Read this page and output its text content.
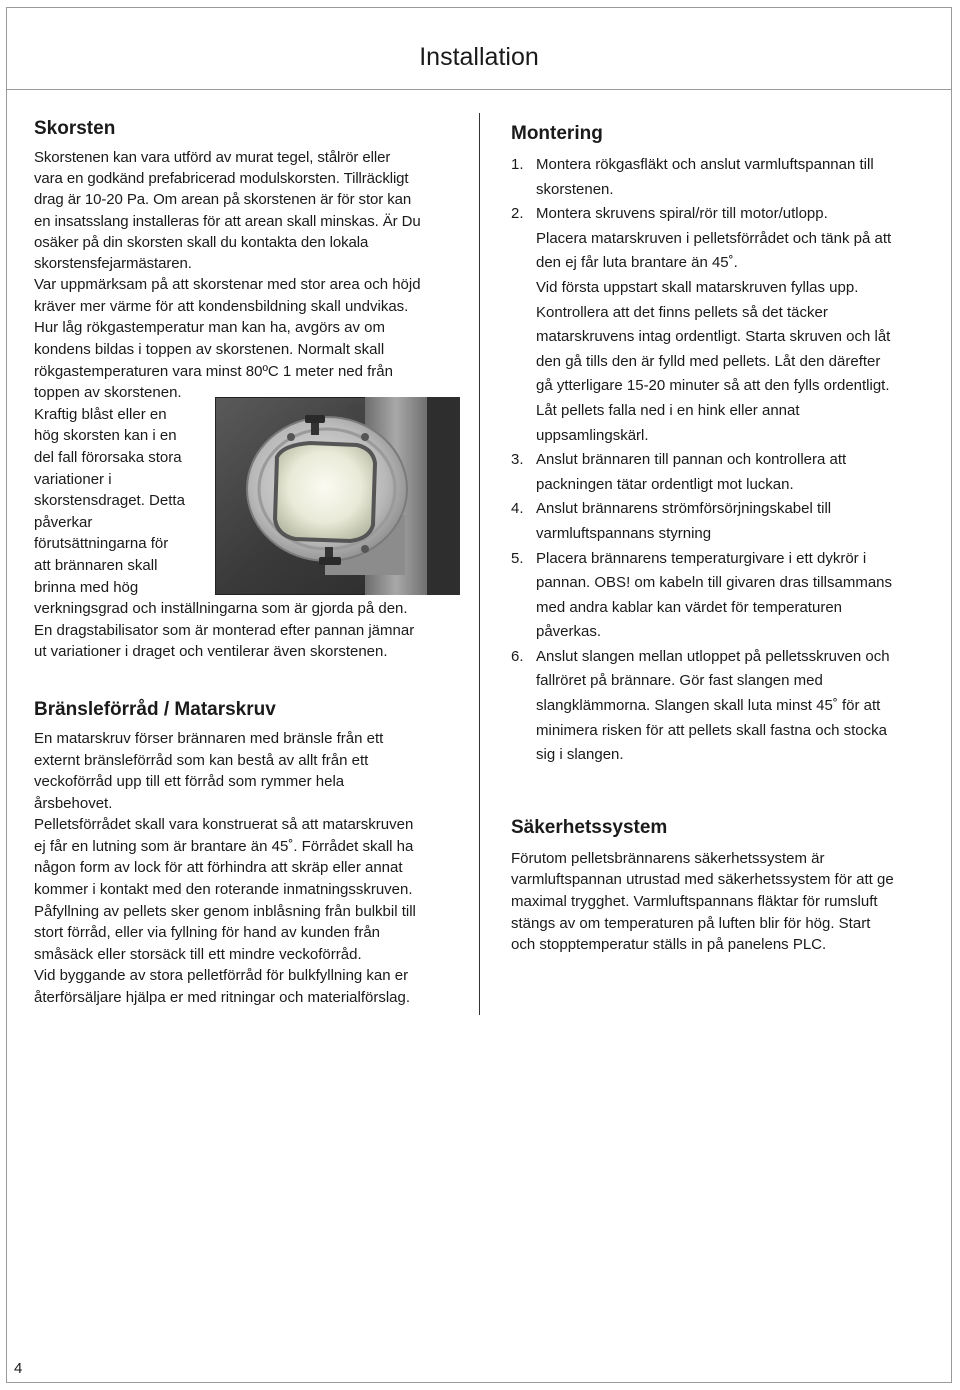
Installation
Skorsten
Skorstenen kan vara utförd av murat tegel, stålrör eller
vara en godkänd prefabricerad modulskorsten. Tillräckligt
drag är 10-20 Pa. Om arean på skorstenen är för stor kan
en insatsslang installeras för att arean skall minskas. Är Du
osäker på din skorsten skall du kontakta den lokala
skorstensfejarmästaren.
Var uppmärksam på att skorstenar med stor area och höjd
kräver mer värme för att kondensbildning skall undvikas.
Hur låg rökgastemperatur man kan ha, avgörs av om
kondens bildas i toppen av skorstenen. Normalt skall
rökgastemperaturen vara minst 80ºC 1 meter ned från
toppen av skorstenen.
Kraftig blåst eller en
hög skorsten kan i en
del fall förorsaka stora
variationer i
skorstensdraget. Detta
påverkar
förutsättningarna för
att brännaren skall
brinna med hög
verkningsgrad och inställningarna som är gjorda på den.
En dragstabilisator som är monterad efter pannan jämnar
ut variationer i draget och ventilerar även skorstenen.
Bränsleförråd / Matarskruv
En matarskruv förser brännaren med bränsle från ett
externt bränsleförråd som kan bestå av allt från ett
veckoförråd upp till ett förråd som rymmer hela
årsbehovet.
Pelletsförrådet skall vara konstruerat så att matarskruven
ej får en lutning som är brantare än 45˚. Förrådet skall ha
någon form av lock för att förhindra att skräp eller annat
kommer i kontakt med den roterande inmatningsskruven.
Påfyllning av pellets sker genom inblåsning från bulkbil till
stort förråd, eller via fyllning för hand av kunden från
småsäck eller storsäck till ett mindre veckoförråd.
Vid byggande av stora pelletförråd för bulkfyllning kan er
återförsäljare hjälpa er med ritningar och materialförslag.
Montering
1. Montera rökgasfläkt och anslut varmluftspannan till
skorstenen.
2. Montera skruvens spiral/rör till motor/utlopp.
Placera matarskruven i pelletsförrådet och tänk på att
den ej får luta brantare än 45˚.
Vid första uppstart skall matarskruven fyllas upp.
Kontrollera att det finns pellets så det täcker
matarskruvens intag ordentligt. Starta skruven och låt
den gå tills den är fylld med pellets. Låt den därefter
gå ytterligare 15-20 minuter så att den fylls ordentligt.
Låt pellets falla ned i en hink eller annat
uppsamlingskärl.
3. Anslut brännaren till pannan och kontrollera att
packningen tätar ordentligt mot luckan.
4. Anslut brännarens strömförsörjningskabel till
varmluftspannans styrning
5. Placera brännarens temperaturgivare i ett dykrör i
pannan. OBS! om kabeln till givaren dras tillsammans
med andra kablar kan värdet för temperaturen
påverkas.
6. Anslut slangen mellan utloppet på pelletsskruven och
fallröret på brännare. Gör fast slangen med
slangklämmorna. Slangen skall luta minst 45˚ för att
minimera risken för att pellets skall fastna och stocka
sig i slangen.
Säkerhetssystem
Förutom pelletsbrännarens säkerhetssystem är
varmluftspannan utrustad med säkerhetssystem för att ge
maximal trygghet. Varmluftspannans fläktar för rumsluft
stängs av om temperaturen på luften blir för hög. Start
och stopptemperatur ställs in på panelens PLC.
4
